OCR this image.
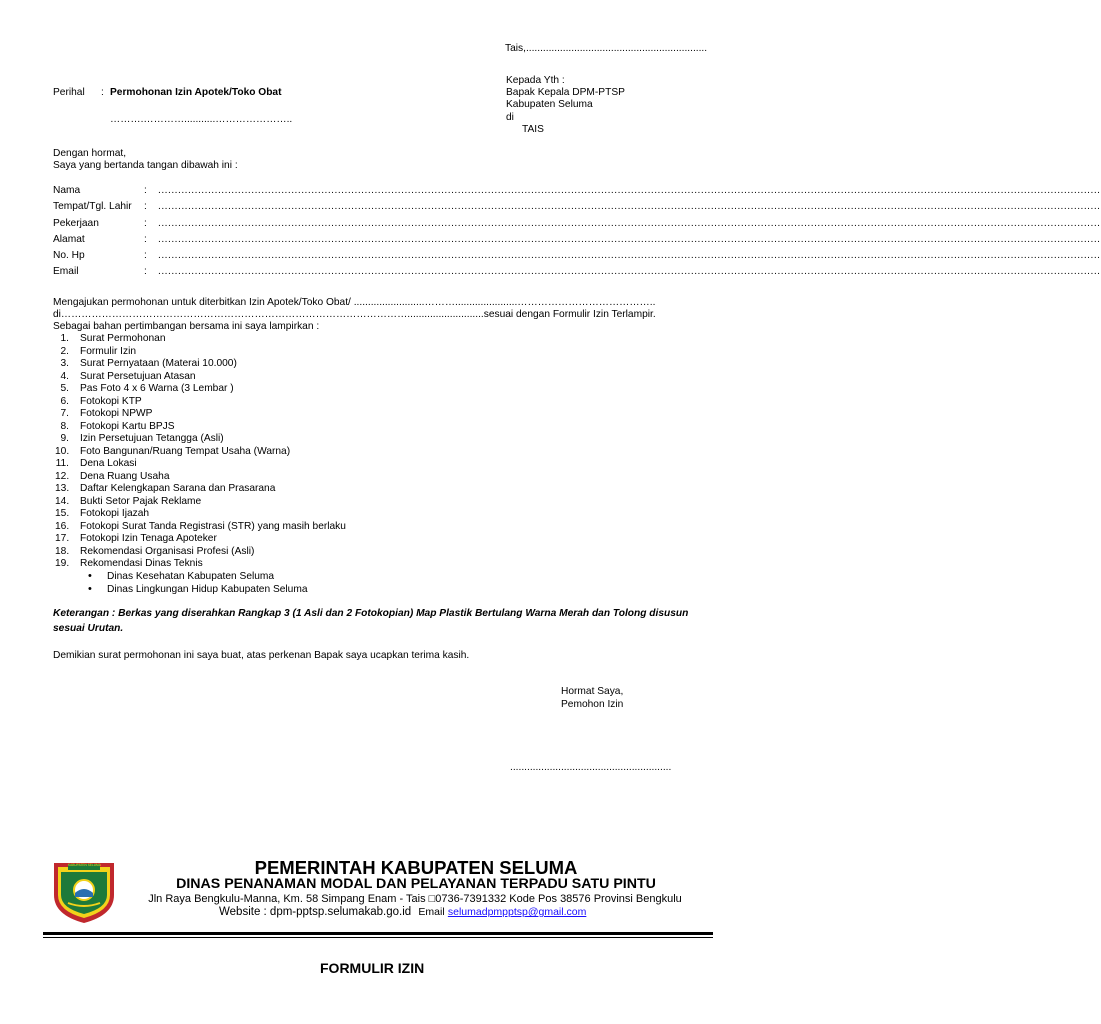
Tais,................................................................
Kepada Yth :
Bapak Kepala DPM-PTSP
Kabupaten Seluma
di
TAIS
Perihal : Permohonan Izin Apotek/Toko Obat
……….…………...........…………………..
Dengan hormat,
Saya yang bertanda tangan dibawah ini :
Nama	: ...........................................................................................................................................................................................................................................................................................
Tempat/Tgl. Lahir : ...........................................................................................................................................................................................................................................................................................
Pekerjaan	: ...........................................................................................................................................................................................................................................................................................
Alamat	: ...........................................................................................................................................................................................................................................................................................
No. Hp	: ...........................................................................................................................................................................................................................................................................................
Email	: ...........................................................................................................................................................................................................................................................................................
Mengajukan permohonan untuk diterbitkan Izin Apotek/Toko Obat/ .........................………......................…………………………………..
di…………………………………………………………………………………………...........................sesuai dengan Formulir Izin Terlampir.
Sebagai bahan pertimbangan bersama ini saya lampirkan :
1. Surat Permohonan
2. Formulir Izin
3. Surat Pernyataan (Materai 10.000)
4. Surat Persetujuan Atasan
5. Pas Foto 4 x 6 Warna (3 Lembar )
6. Fotokopi KTP
7. Fotokopi NPWP
8. Fotokopi Kartu BPJS
9. Izin Persetujuan Tetangga (Asli)
10. Foto Bangunan/Ruang Tempat Usaha (Warna)
11. Dena Lokasi
12. Dena Ruang Usaha
13. Daftar Kelengkapan Sarana dan Prasarana
14. Bukti Setor Pajak Reklame
15. Fotokopi Ijazah
16. Fotokopi Surat Tanda Registrasi (STR) yang masih berlaku
17. Fotokopi Izin Tenaga Apoteker
18. Rekomendasi Organisasi Profesi (Asli)
19. Rekomendasi Dinas Teknis
• Dinas Kesehatan Kabupaten Seluma
• Dinas Lingkungan Hidup Kabupaten Seluma
Keterangan : Berkas yang diserahkan Rangkap 3 (1 Asli dan 2 Fotokopian) Map Plastik Bertulang Warna Merah dan Tolong disusun sesuai Urutan.
Demikian surat permohonan ini saya buat, atas perkenan Bapak saya ucapkan terima kasih.
Hormat Saya,
Pemohon Izin
.........................................................
KABUPATEN SELUMA	PEMERINTAH KABUPATEN SELUMA
DINAS PENANAMAN MODAL DAN PELAYANAN TERPADU SATU PINTU
Jln Raya Bengkulu-Manna, Km. 58 Simpang Enam - Tais □0736-7391332 Kode Pos 38576 Provinsi Bengkulu
Website : dpm-pptsp.selumakab.go.id Email selumadpmpptsp@gmail.com
FORMULIR IZIN
